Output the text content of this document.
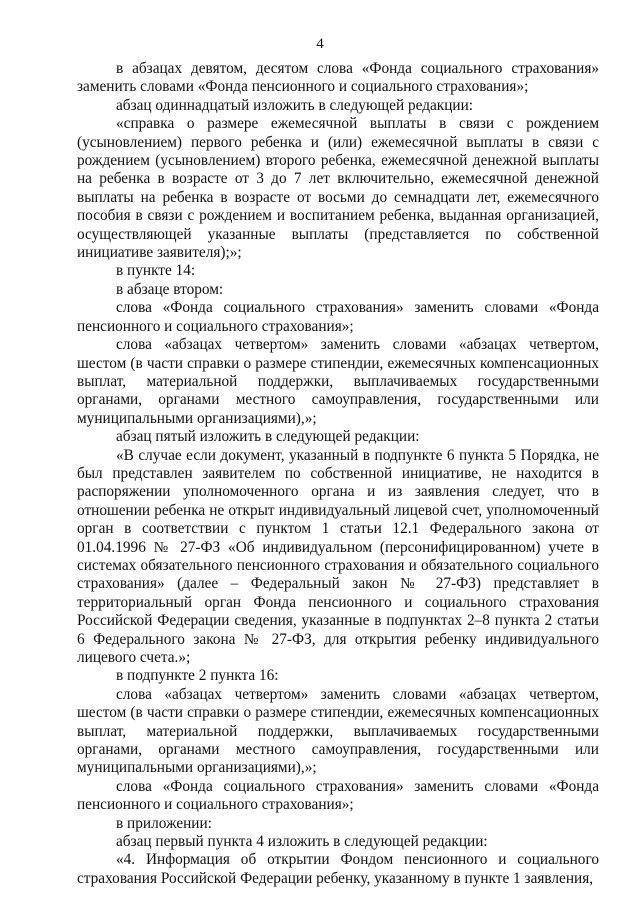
4

в абзацах девятом, десятом слова «Фонда социального страхования» заменить словами «Фонда пенсионного и социального страхования»;

абзац одиннадцатый изложить в следующей редакции:

«справка о размере ежемесячной выплаты в связи с рождением (усыновлением) первого ребенка и (или) ежемесячной выплаты в связи с рождением (усыновлением) второго ребенка, ежемесячной денежной выплаты на ребенка в возрасте от 3 до 7 лет включительно, ежемесячной денежной выплаты на ребенка в возрасте от восьми до семнадцати лет, ежемесячного пособия в связи с рождением и воспитанием ребенка, выданная организацией, осуществляющей указанные выплаты (представляется по собственной инициативе заявителя);»;

в пункте 14:

в абзаце втором:

слова «Фонда социального страхования» заменить словами «Фонда пенсионного и социального страхования»;

слова «абзацах четвертом» заменить словами «абзацах четвертом, шестом (в части справки о размере стипендии, ежемесячных компенсационных выплат, материальной поддержки, выплачиваемых государственными органами, органами местного самоуправления, государственными или муниципальными организациями),»;

абзац пятый изложить в следующей редакции:

«В случае если документ, указанный в подпункте 6 пункта 5 Порядка, не был представлен заявителем по собственной инициативе, не находится в распоряжении уполномоченного органа и из заявления следует, что в отношении ребенка не открыт индивидуальный лицевой счет, уполномоченный орган в соответствии с пунктом 1 статьи 12.1 Федерального закона от 01.04.1996 № 27-ФЗ «Об индивидуальном (персонифицированном) учете в системах обязательного пенсионного страхования и обязательного социального страхования» (далее – Федеральный закон № 27-ФЗ) представляет в территориальный орган Фонда пенсионного и социального страхования Российской Федерации сведения, указанные в подпунктах 2–8 пункта 2 статьи 6 Федерального закона № 27-ФЗ, для открытия ребенку индивидуального лицевого счета.»;

в подпункте 2 пункта 16:

слова «абзацах четвертом» заменить словами «абзацах четвертом, шестом (в части справки о размере стипендии, ежемесячных компенсационных выплат, материальной поддержки, выплачиваемых государственными органами, органами местного самоуправления, государственными или муниципальными организациями),»;

слова «Фонда социального страхования» заменить словами «Фонда пенсионного и социального страхования»;

в приложении:

абзац первый пункта 4 изложить в следующей редакции:

«4. Информация об открытии Фондом пенсионного и социального страхования Российской Федерации ребенку, указанному в пункте 1 заявления,
